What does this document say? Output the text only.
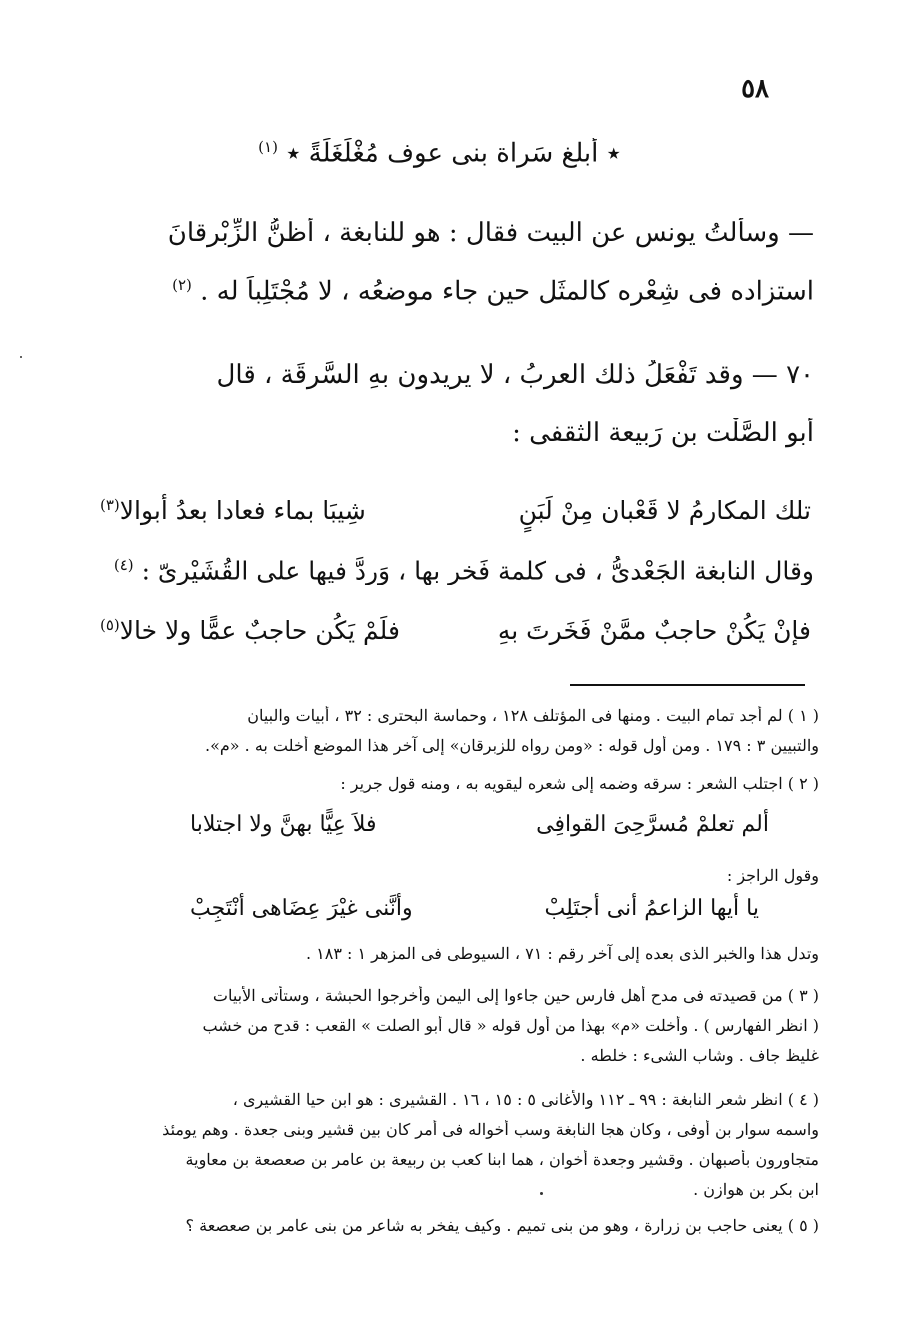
٥٨
٭ أبلغ سَراة بنى عوف مُغْلَغَلَةً ٭ $^{(١)}$
— وسألتُ يونس عن البيت فقال : هو للنابغة ، أظنُّ الزِّبْرقانَ
استزاده فى شِعْره كالمثَل حين جاء موضعُه ، لا مُجْتَلِباً له . $^{(٢)}$
٧٠ — وقد تَفْعَلُ ذلك العربُ ، لا يريدون بهِ السَّرِقَة ، قال
أبو الصَّلْت بن رَبيعة الثقفى :
تلك المكارمُ لا قَعْبان مِنْ لَبَنٍ
شِيبَا بماء فعادا بعدُ أبوالا(٣)
وقال النابغة الجَعْدىُّ ، فى كلمة فَخر بها ، وَردَّ فيها على القُشَيْرىّ : $^{(٤)}$
فإنْ يَكُنْ حاجبٌ ممَّنْ فَخَرتَ بهِ
فلَمْ يَكُن حاجبٌ عمًّا ولا خالا(٥)
( ١ ) لم أجد تمام البيت . ومنها فى المؤتلف ١٢٨ ، وحماسة البحترى : ٣٢ ، أبيات والبيان
والتبيين ٣ : ١٧٩ . ومن أول قوله : «ومن رواه للزبرقان» إلى آخر هذا الموضع أخلت به . «م».
( ٢ ) اجتلب الشعر : سرقه وضمه إلى شعره ليقويه به ، ومنه قول جرير :
ألم تعلمْ مُسرَّحِىَ القوافِى
فلاَ عِيًّا بهنَّ ولا اجتلابا
وقول الراجز :
يا أيها الزاعمُ أنى أجتَلِبْ
وأنَّنى غيْرَ عِضَاهى أنْتَجِبْ
وتدل هذا والخبر الذى بعده إلى آخر رقم : ٧١ ، السيوطى فى المزهر ١ : ١٨٣ .
( ٣ ) من قصيدته فى مدح أهل فارس حين جاءوا إلى اليمن وأخرجوا الحبشة ، وستأتى الأبيات
( انظر الفهارس ) . وأخلت «م» بهذا من أول قوله « قال أبو الصلت » القعب : قدح من خشب
غليظ جاف . وشاب الشىء : خلطه .
( ٤ ) انظر شعر النابغة : ٩٩ ـ ١١٢ والأغانى ٥ : ١٥ ، ١٦ . القشيرى : هو ابن حيا القشيرى ،
واسمه سوار بن أوفى ، وكان هجا النابغة وسب أخواله فى أمر كان بين قشير وبنى جعدة . وهم يومئذ
متجاورون بأصبهان . وقشير وجعدة أخوان ، هما ابنا كعب بن ربيعة بن عامر بن صعصعة بن معاوية
ابن بكر بن هوازن .
( ٥ ) يعنى حاجب بن زرارة ، وهو من بنى تميم . وكيف يفخر به شاعر من بنى عامر بن صعصعة ؟
